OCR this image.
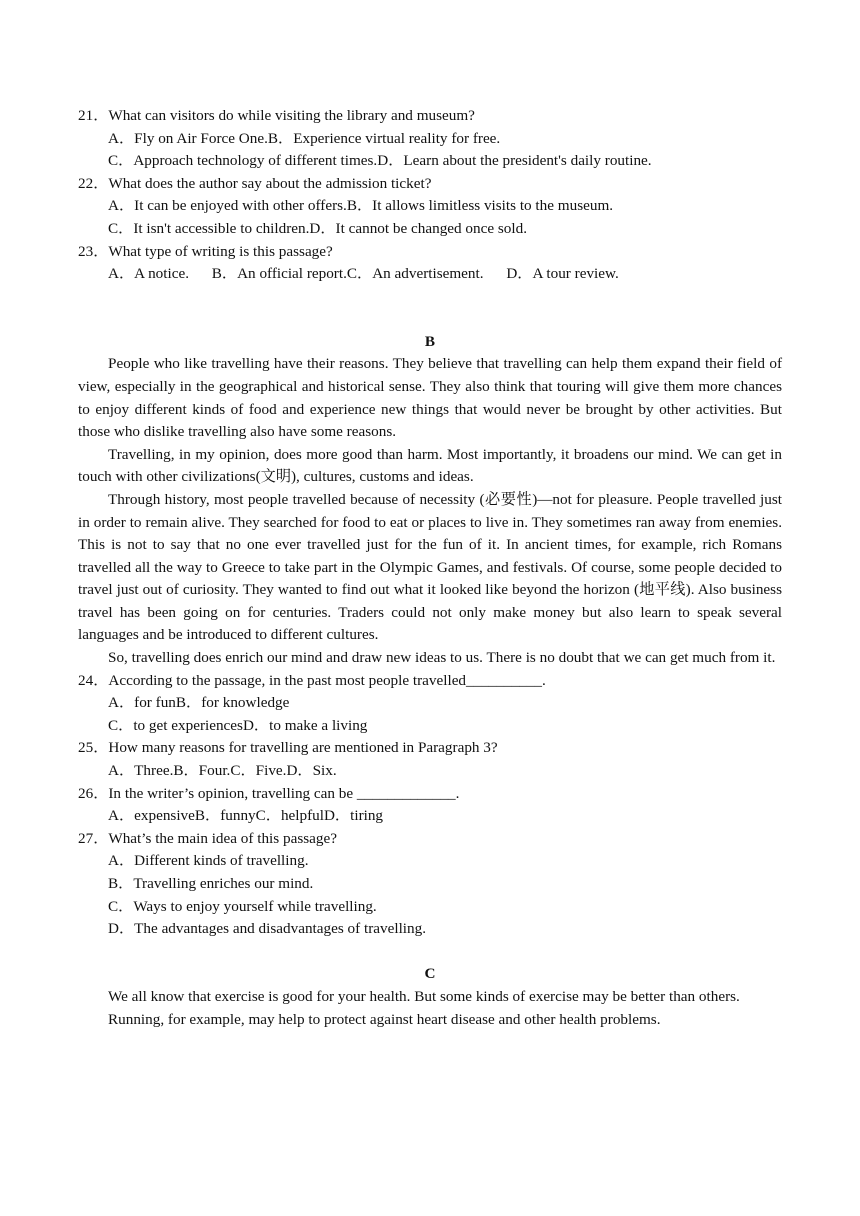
21．What can visitors do while visiting the library and museum?

A．Fly on Air Force One.B．Experience virtual reality for free.

C．Approach technology of different times.D．Learn about the president's daily routine.

22．What does the author say about the admission ticket?

A．It can be enjoyed with other offers.B．It allows limitless visits to the museum.

C．It isn't accessible to children.D．It cannot be changed once sold.

23．What type of writing is this passage?

A．A notice.      B．An official report.C．An advertisement.      D．A tour review.

B

People who like travelling have their reasons. They believe that travelling can help them expand their field of view, especially in the geographical and historical sense. They also think that touring will give them more chances to enjoy different kinds of food and experience new things that would never be brought by other activities. But those who dislike travelling also have some reasons.

Travelling, in my opinion, does more good than harm. Most importantly, it broadens our mind. We can get in touch with other civilizations(文明), cultures, customs and ideas.

Through history, most people travelled because of necessity (必要性)—not for pleasure. People travelled just in order to remain alive. They searched for food to eat or places to live in. They sometimes ran away from enemies. This is not to say that no one ever travelled just for the fun of it. In ancient times, for example, rich Romans travelled all the way to Greece to take part in the Olympic Games, and festivals. Of course, some people decided to travel just out of curiosity. They wanted to find out what it looked like beyond the horizon (地平线). Also business travel has been going on for centuries. Traders could not only make money but also learn to speak several languages and be introduced to different cultures.

So, travelling does enrich our mind and draw new ideas to us. There is no doubt that we can get much from it.

24．According to the passage, in the past most people travelled__________.

A．for funB．for knowledge

C．to get experiencesD．to make a living

25．How many reasons for travelling are mentioned in Paragraph 3?

A．Three.B．Four.C．Five.D．Six.

26．In the writer’s opinion, travelling can be _____________.

A．expensiveB．funnyC．helpfulD．tiring

27．What’s the main idea of this passage?

A．Different kinds of travelling.

B．Travelling enriches our mind.

C．Ways to enjoy yourself while travelling.

D．The advantages and disadvantages of travelling.

C

We all know that exercise is good for your health. But some kinds of exercise may be better than others.

Running, for example, may help to protect against heart disease and other health problems.
